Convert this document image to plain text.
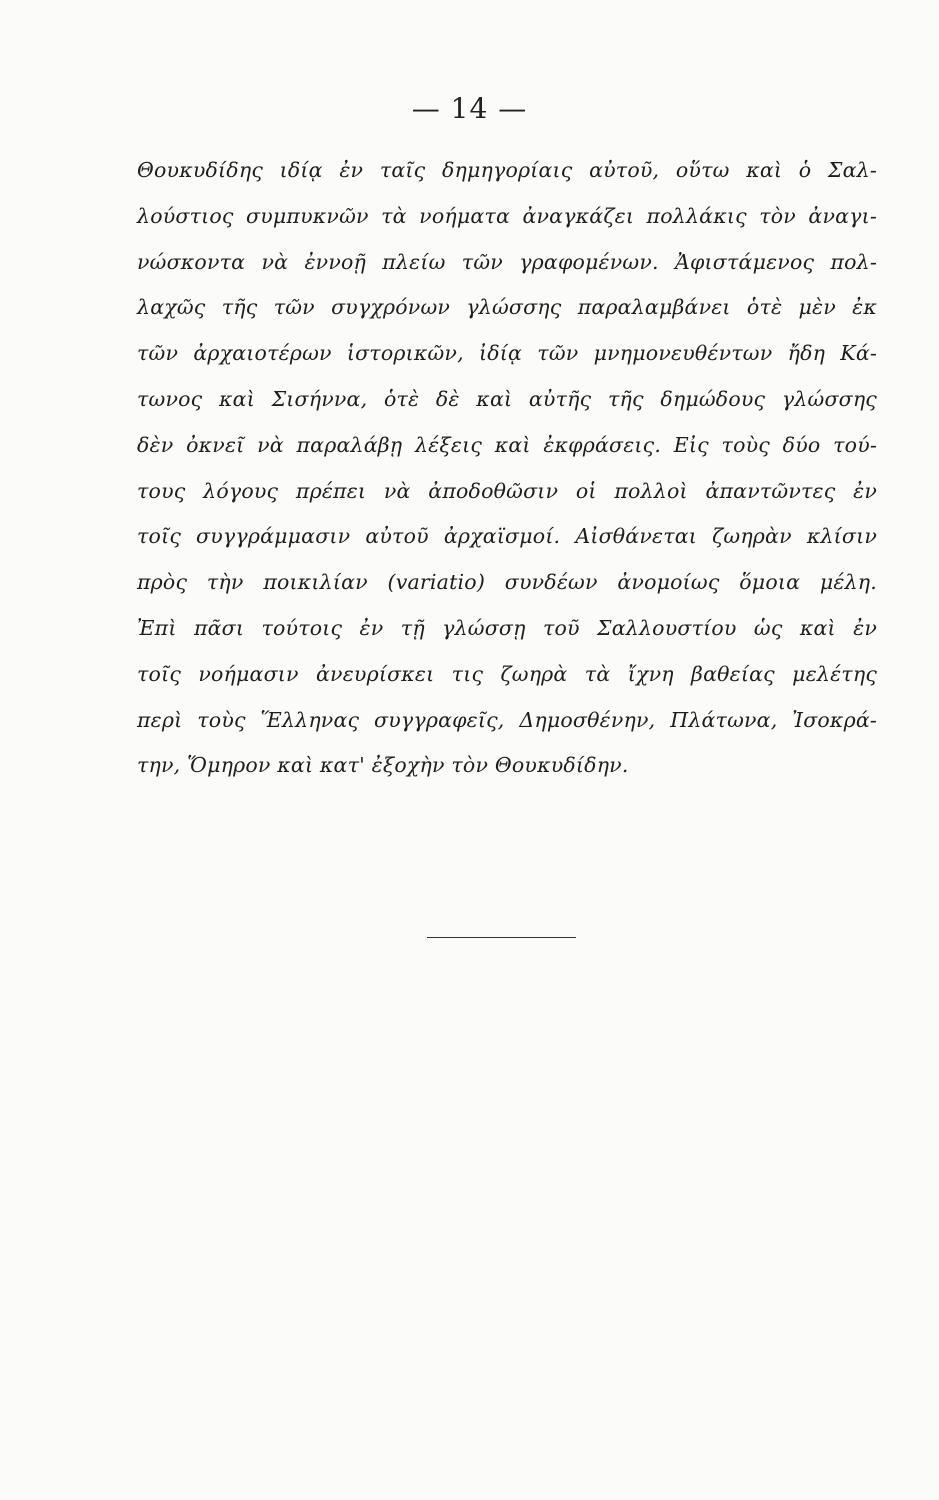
— 14 —
Θουκυδίδης ιδίᾳ ἐν ταῖς δημηγορίαις αὐτοῦ, οὕτω καὶ ὁ Σαλ-
λούστιος συμπυκνῶν τὰ νοήματα ἀναγκάζει πολλάκις τὸν ἀναγι-
νώσκοντα νὰ ἐννοῇ πλείω τῶν γραφομένων. Ἀφιστάμενος πολ-
λαχῶς τῆς τῶν συγχρόνων γλώσσης παραλαμβάνει ὁτὲ μὲν ἐκ
τῶν ἀρχαιοτέρων ἱστορικῶν, ἰδίᾳ τῶν μνημονευθέντων ἤδη Κά-
τωνος καὶ Σισήννα, ὁτὲ δὲ καὶ αὐτῆς τῆς δημώδους γλώσσης
δὲν ὀκνεῖ νὰ παραλάβῃ λέξεις καὶ ἐκφράσεις. Εἰς τοὺς δύο τού-
τους λόγους πρέπει νὰ ἀποδοθῶσιν οἱ πολλοὶ ἀπαντῶντες ἐν
τοῖς συγγράμμασιν αὐτοῦ ἀρχαϊσμοί. Αἰσθάνεται ζωηρὰν κλίσιν
πρὸς τὴν ποικιλίαν (variatio) συνδέων ἀνομοίως ὅμοια μέλη.
Ἐπὶ πᾶσι τούτοις ἐν τῇ γλώσσῃ τοῦ Σαλλουστίου ὡς καὶ ἐν
τοῖς νοήμασιν ἀνευρίσκει τις ζωηρὰ τὰ ἴχνη βαθείας μελέτης
περὶ τοὺς Ἕλληνας συγγραφεῖς, Δημοσθένην, Πλάτωνα, Ἰσοκρά-
την, Ὅμηρον καὶ κατ' ἐξοχὴν τὸν Θουκυδίδην.
